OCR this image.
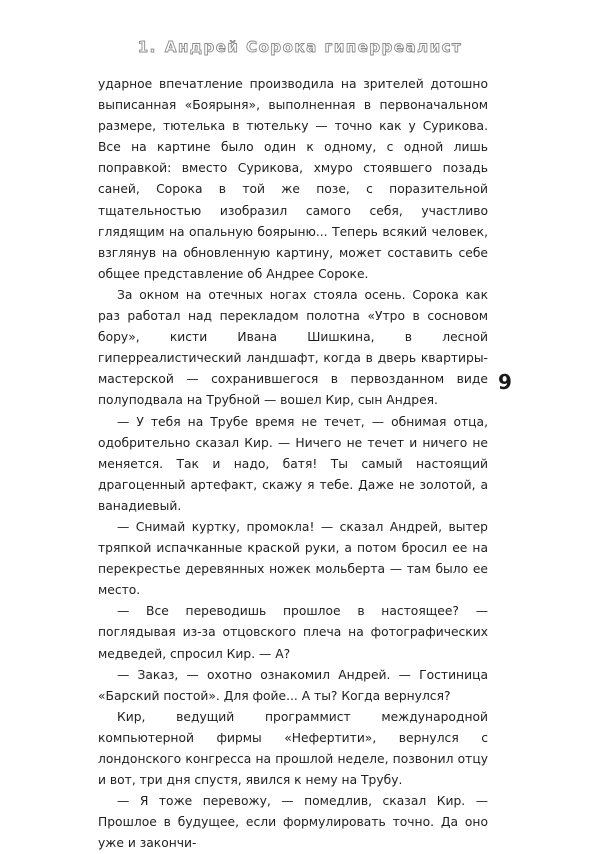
1. Андрей Сорока гиперреалист
9

ударное впечатление производила на зрителей дотошно выписанная «Боярыня», выполненная в первоначальном размере, тютелька в тютельку — точно как у Сурикова. Все на картине было один к одному, с одной лишь поправкой: вместо Сурикова, хмуро стоявшего позадь саней, Сорока в той же позе, с поразительной тщательностью изобразил самого себя, участливо глядящим на опальную боярыню... Теперь всякий человек, взглянув на обновленную картину, может составить себе общее представление об Андрее Сороке.

За окном на отечных ногах стояла осень. Сорока как раз работал над перекладом полотна «Утро в сосновом бору», кисти Ивана Шишкина, в лесной гиперреалистический ландшафт, когда в дверь квартиры-мастерской — сохранившегося в первозданном виде полуподвала на Трубной — вошел Кир, сын Андрея.

— У тебя на Трубе время не течет, — обнимая отца, одобрительно сказал Кир. — Ничего не течет и ничего не меняется. Так и надо, батя! Ты самый настоящий драгоценный артефакт, скажу я тебе. Даже не золотой, а ванадиевый.

— Снимай куртку, промокла! — сказал Андрей, вытер тряпкой испачканные краской руки, а потом бросил ее на перекрестье деревянных ножек мольберта — там было ее место.

— Все переводишь прошлое в настоящее? — поглядывая из-за отцовского плеча на фотографических медведей, спросил Кир. — А?

— Заказ, — охотно ознакомил Андрей. — Гостиница «Барский постой». Для фойе... А ты? Когда вернулся?

Кир, ведущий программист международной компьютерной фирмы «Нефертити», вернулся с лондонского конгресса на прошлой неделе, позвонил отцу и вот, три дня спустя, явился к нему на Трубу.

— Я тоже перевожу, — помедлив, сказал Кир. — Прошлое в будущее, если формулировать точно. Да оно уже и закончи-
